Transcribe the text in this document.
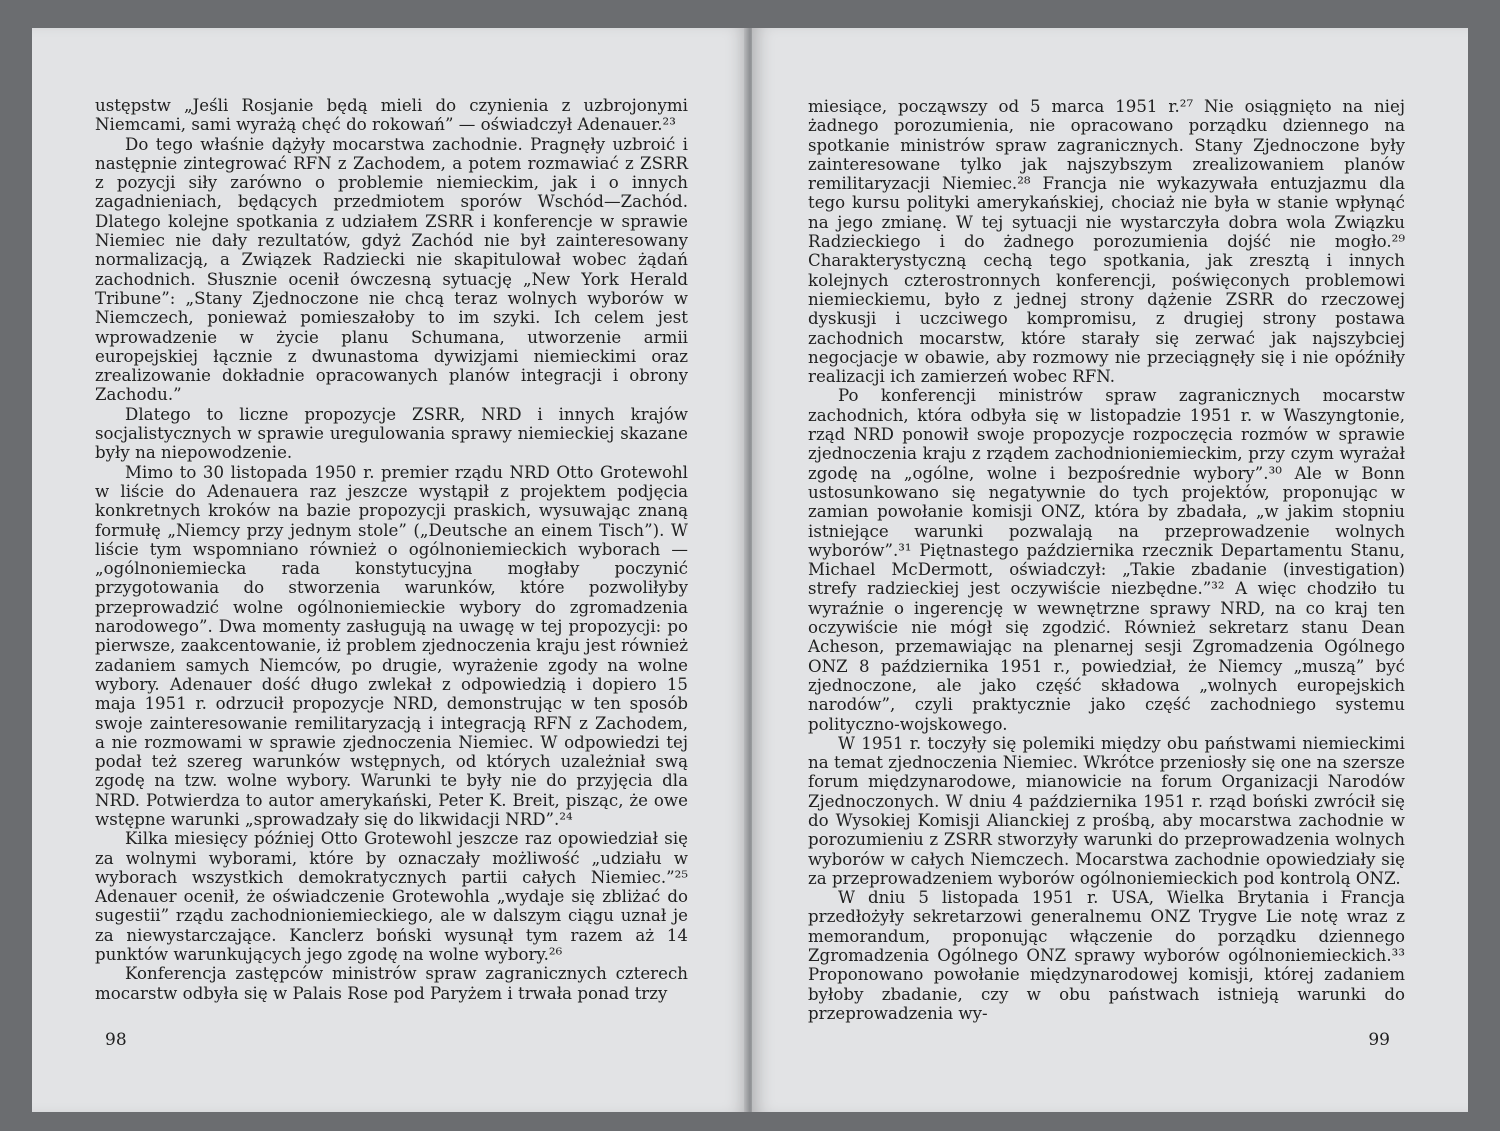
ustępstw „Jeśli Rosjanie będą mieli do czynienia z uzbrojonymi Niemcami, sami wyrażą chęć do rokowań” — oświadczył Adenauer.²³

Do tego właśnie dążyły mocarstwa zachodnie. Pragnęły uzbroić i następnie zintegrować RFN z Zachodem, a potem rozmawiać z ZSRR z pozycji siły zarówno o problemie niemieckim, jak i o innych zagadnieniach, będących przedmiotem sporów Wschód—Zachód. Dlatego kolejne spotkania z udziałem ZSRR i konferencje w sprawie Niemiec nie dały rezultatów, gdyż Zachód nie był zainteresowany normalizacją, a Związek Radziecki nie skapitulował wobec żądań zachodnich. Słusznie ocenił ówczesną sytuację „New York Herald Tribune”: „Stany Zjednoczone nie chcą teraz wolnych wyborów w Niemczech, ponieważ pomieszałoby to im szyki. Ich celem jest wprowadzenie w życie planu Schumana, utworzenie armii europejskiej łącznie z dwunastoma dywizjami niemieckimi oraz zrealizowanie dokładnie opracowanych planów integracji i obrony Zachodu.”

Dlatego to liczne propozycje ZSRR, NRD i innych krajów socjalistycznych w sprawie uregulowania sprawy niemieckiej skazane były na niepowodzenie.

Mimo to 30 listopada 1950 r. premier rządu NRD Otto Grotewohl w liście do Adenauera raz jeszcze wystąpił z projektem podjęcia konkretnych kroków na bazie propozycji praskich, wysuwając znaną formułę „Niemcy przy jednym stole” („Deutsche an einem Tisch”). W liście tym wspomniano również o ogólnoniemieckich wyborach — „ogólnoniemiecka rada konstytucyjna mogłaby poczynić przygotowania do stworzenia warunków, które pozwoliłyby przeprowadzić wolne ogólnoniemieckie wybory do zgromadzenia narodowego”. Dwa momenty zasługują na uwagę w tej propozycji: po pierwsze, zaakcentowanie, iż problem zjednoczenia kraju jest również zadaniem samych Niemców, po drugie, wyrażenie zgody na wolne wybory. Adenauer dość długo zwlekał z odpowiedzią i dopiero 15 maja 1951 r. odrzucił propozycje NRD, demonstrując w ten sposób swoje zainteresowanie remilitaryzacją i integracją RFN z Zachodem, a nie rozmowami w sprawie zjednoczenia Niemiec. W odpowiedzi tej podał też szereg warunków wstępnych, od których uzależniał swą zgodę na tzw. wolne wybory. Warunki te były nie do przyjęcia dla NRD. Potwierdza to autor amerykański, Peter K. Breit, pisząc, że owe wstępne warunki „sprowadzały się do likwidacji NRD”.²⁴

Kilka miesięcy później Otto Grotewohl jeszcze raz opowiedział się za wolnymi wyborami, które by oznaczały możliwość „udziału w wyborach wszystkich demokratycznych partii całych Niemiec.”²⁵ Adenauer ocenił, że oświadczenie Grotewohla „wydaje się zbliżać do sugestii” rządu zachodnioniemieckiego, ale w dalszym ciągu uznał je za niewystarczające. Kanclerz boński wysunął tym razem aż 14 punktów warunkujących jego zgodę na wolne wybory.²⁶

Konferencja zastępców ministrów spraw zagranicznych czterech mocarstw odbyła się w Palais Rose pod Paryżem i trwała ponad trzy

98

miesiące, począwszy od 5 marca 1951 r.²⁷ Nie osiągnięto na niej żadnego porozumienia, nie opracowano porządku dziennego na spotkanie ministrów spraw zagranicznych. Stany Zjednoczone były zainteresowane tylko jak najszybszym zrealizowaniem planów remilitaryzacji Niemiec.²⁸ Francja nie wykazywała entuzjazmu dla tego kursu polityki amerykańskiej, chociaż nie była w stanie wpłynąć na jego zmianę. W tej sytuacji nie wystarczyła dobra wola Związku Radzieckiego i do żadnego porozumienia dojść nie mogło.²⁹ Charakterystyczną cechą tego spotkania, jak zresztą i innych kolejnych czterostronnych konferencji, poświęconych problemowi niemieckiemu, było z jednej strony dążenie ZSRR do rzeczowej dyskusji i uczciwego kompromisu, z drugiej strony postawa zachodnich mocarstw, które starały się zerwać jak najszybciej negocjacje w obawie, aby rozmowy nie przeciągnęły się i nie opóźniły realizacji ich zamierzeń wobec RFN.

Po konferencji ministrów spraw zagranicznych mocarstw zachodnich, która odbyła się w listopadzie 1951 r. w Waszyngtonie, rząd NRD ponowił swoje propozycje rozpoczęcia rozmów w sprawie zjednoczenia kraju z rządem zachodnioniemieckim, przy czym wyrażał zgodę na „ogólne, wolne i bezpośrednie wybory”.³⁰ Ale w Bonn ustosunkowano się negatywnie do tych projektów, proponując w zamian powołanie komisji ONZ, która by zbadała, „w jakim stopniu istniejące warunki pozwalają na przeprowadzenie wolnych wyborów”.³¹ Piętnastego października rzecznik Departamentu Stanu, Michael McDermott, oświadczył: „Takie zbadanie (investigation) strefy radzieckiej jest oczywiście niezbędne.”³² A więc chodziło tu wyraźnie o ingerencję w wewnętrzne sprawy NRD, na co kraj ten oczywiście nie mógł się zgodzić. Również sekretarz stanu Dean Acheson, przemawiając na plenarnej sesji Zgromadzenia Ogólnego ONZ 8 października 1951 r., powiedział, że Niemcy „muszą” być zjednoczone, ale jako część składowa „wolnych europejskich narodów”, czyli praktycznie jako część zachodniego systemu polityczno-wojskowego.

W 1951 r. toczyły się polemiki między obu państwami niemieckimi na temat zjednoczenia Niemiec. Wkrótce przeniosły się one na szersze forum międzynarodowe, mianowicie na forum Organizacji Narodów Zjednoczonych. W dniu 4 października 1951 r. rząd boński zwrócił się do Wysokiej Komisji Alianckiej z prośbą, aby mocarstwa zachodnie w porozumieniu z ZSRR stworzyły warunki do przeprowadzenia wolnych wyborów w całych Niemczech. Mocarstwa zachodnie opowiedziały się za przeprowadzeniem wyborów ogólnoniemieckich pod kontrolą ONZ.

W dniu 5 listopada 1951 r. USA, Wielka Brytania i Francja przedłożyły sekretarzowi generalnemu ONZ Trygve Lie notę wraz z memorandum, proponując włączenie do porządku dziennego Zgromadzenia Ogólnego ONZ sprawy wyborów ogólnoniemieckich.³³ Proponowano powołanie międzynarodowej komisji, której zadaniem byłoby zbadanie, czy w obu państwach istnieją warunki do przeprowadzenia wy-

99
